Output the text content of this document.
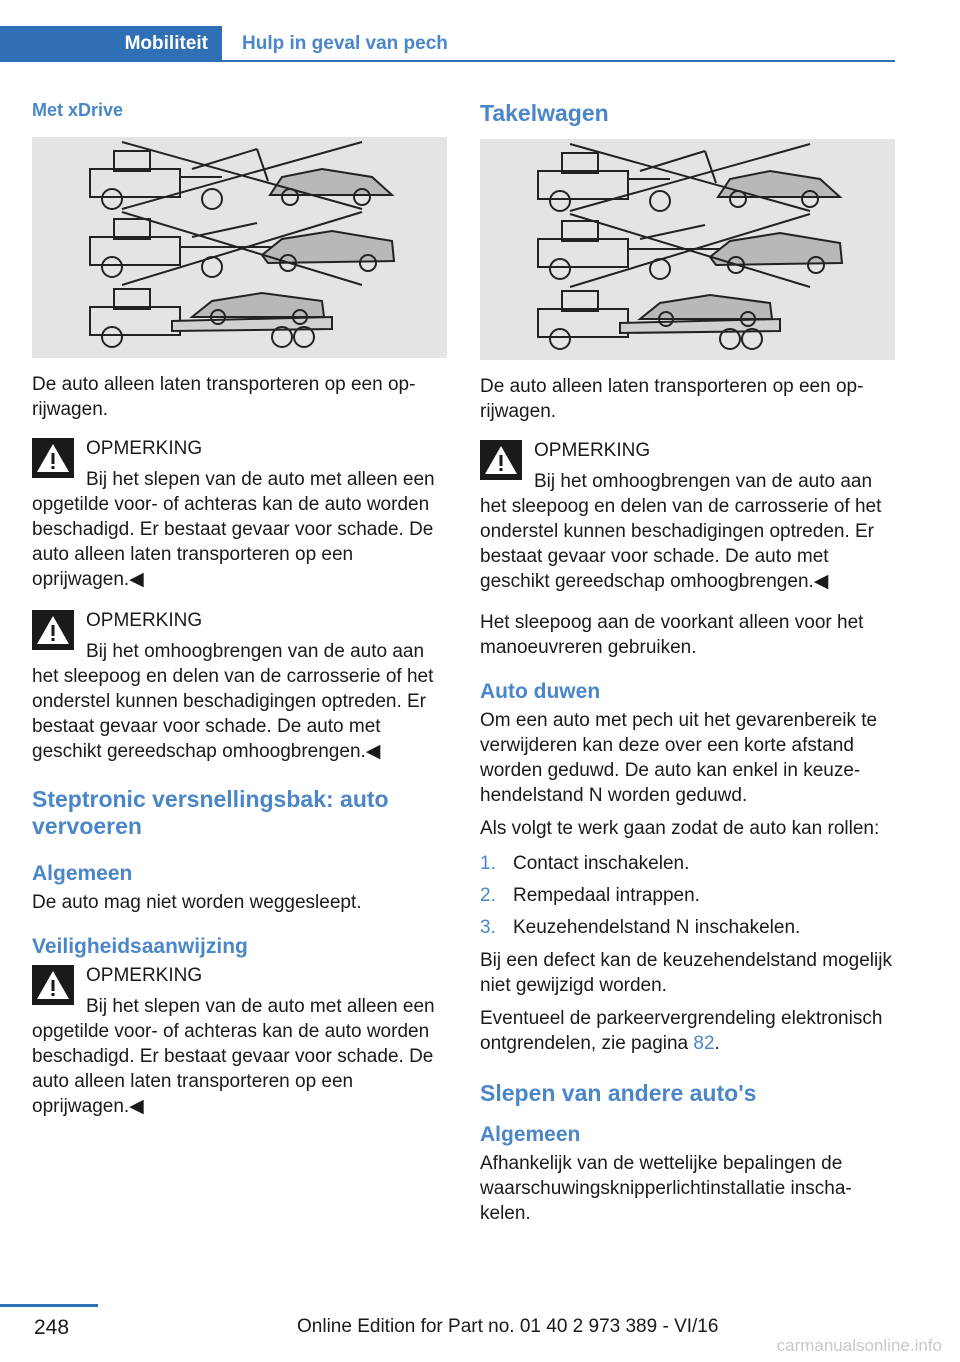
Mobiliteit	Hulp in geval van pech
Met xDrive

De auto alleen laten transporteren op een oprijwagen.

OPMERKING
Bij het slepen van de auto met alleen een opgetilde voor- of achteras kan de auto worden beschadigd. Er bestaat gevaar voor schade. De auto alleen laten transporteren op een oprijwagen.◀
OPMERKING
Bij het omhoogbrengen van de auto aan het sleepoog en delen van de carrosserie of het onderstel kunnen beschadigingen optreden. Er bestaat gevaar voor schade. De auto met geschikt gereedschap omhoogbrengen.◀
Steptronic versnellingsbak: auto vervoeren
Algemeen

De auto mag niet worden weggesleept.

Veiligheidsaanwijzing
OPMERKING
Bij het slepen van de auto met alleen een opgetilde voor- of achteras kan de auto worden beschadigd. Er bestaat gevaar voor schade. De auto alleen laten transporteren op een oprijwagen.◀
Takelwagen

De auto alleen laten transporteren op een oprijwagen.

OPMERKING
Bij het omhoogbrengen van de auto aan het sleepoog en delen van de carrosserie of het onderstel kunnen beschadigingen optreden. Er bestaat gevaar voor schade. De auto met geschikt gereedschap omhoogbrengen.◀

Het sleepoog aan de voorkant alleen voor het manoeuvreren gebruiken.

Auto duwen

Om een auto met pech uit het gevarenbereik te verwijderen kan deze over een korte afstand worden geduwd. De auto kan enkel in keuzehendelstand N worden geduwd.

Als volgt te werk gaan zodat de auto kan rollen:

1. Contact inschakelen.
2. Rempedaal intrappen.
3. Keuzehendelstand N inschakelen.

Bij een defect kan de keuzehendelstand mogelijk niet gewijzigd worden.

Eventueel de parkeervergrendeling elektronisch ontgrendelen, zie pagina 82.

Slepen van andere auto's
Algemeen

Afhankelijk van de wettelijke bepalingen de waarschuwingsknipperlichtinstallatie inschakelen.

248	Online Edition for Part no. 01 40 2 973 389 - VI/16
carmanualsonline.info
